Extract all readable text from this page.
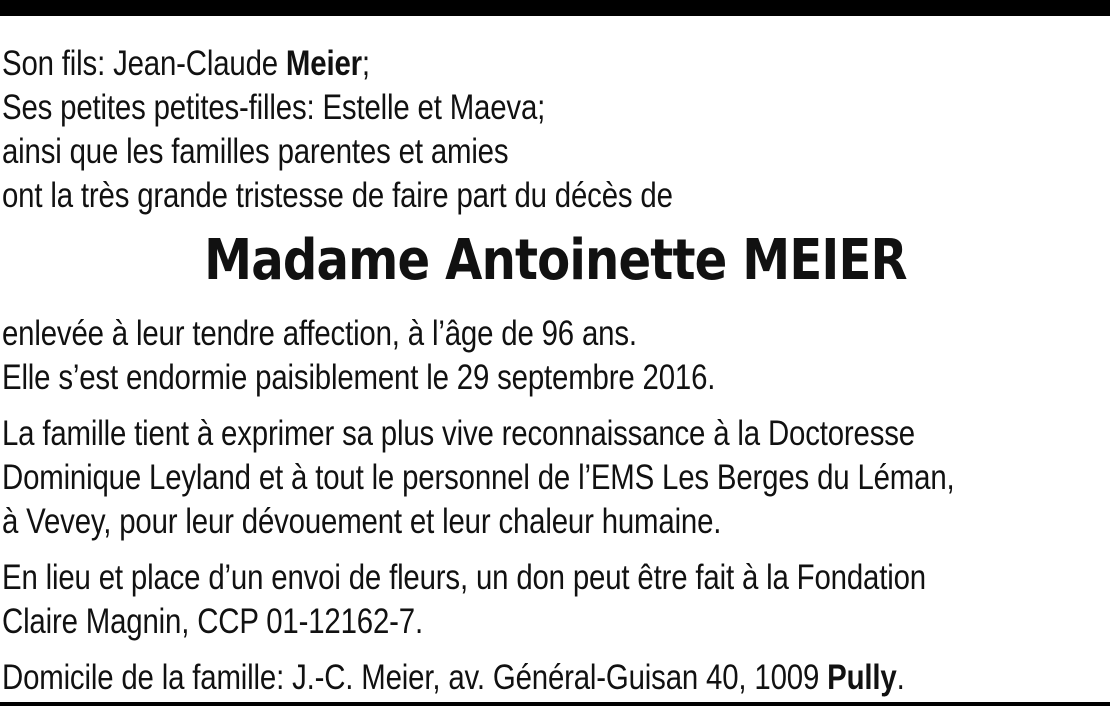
Son fils: Jean-Claude Meier;
Ses petites petites-filles: Estelle et Maeva;
ainsi que les familles parentes et amies
ont la très grande tristesse de faire part du décès de
Madame Antoinette MEIER
enlevée à leur tendre affection, à l’âge de 96 ans.
Elle s’est endormie paisiblement le 29 septembre 2016.
La famille tient à exprimer sa plus vive reconnaissance à la Doctoresse
Dominique Leyland et à tout le personnel de l’EMS Les Berges du Léman,
à Vevey, pour leur dévouement et leur chaleur humaine.
En lieu et place d’un envoi de fleurs, un don peut être fait à la Fondation
Claire Magnin, CCP 01-12162-7.
Domicile de la famille: J.-C. Meier, av. Général-Guisan 40, 1009 Pully.
